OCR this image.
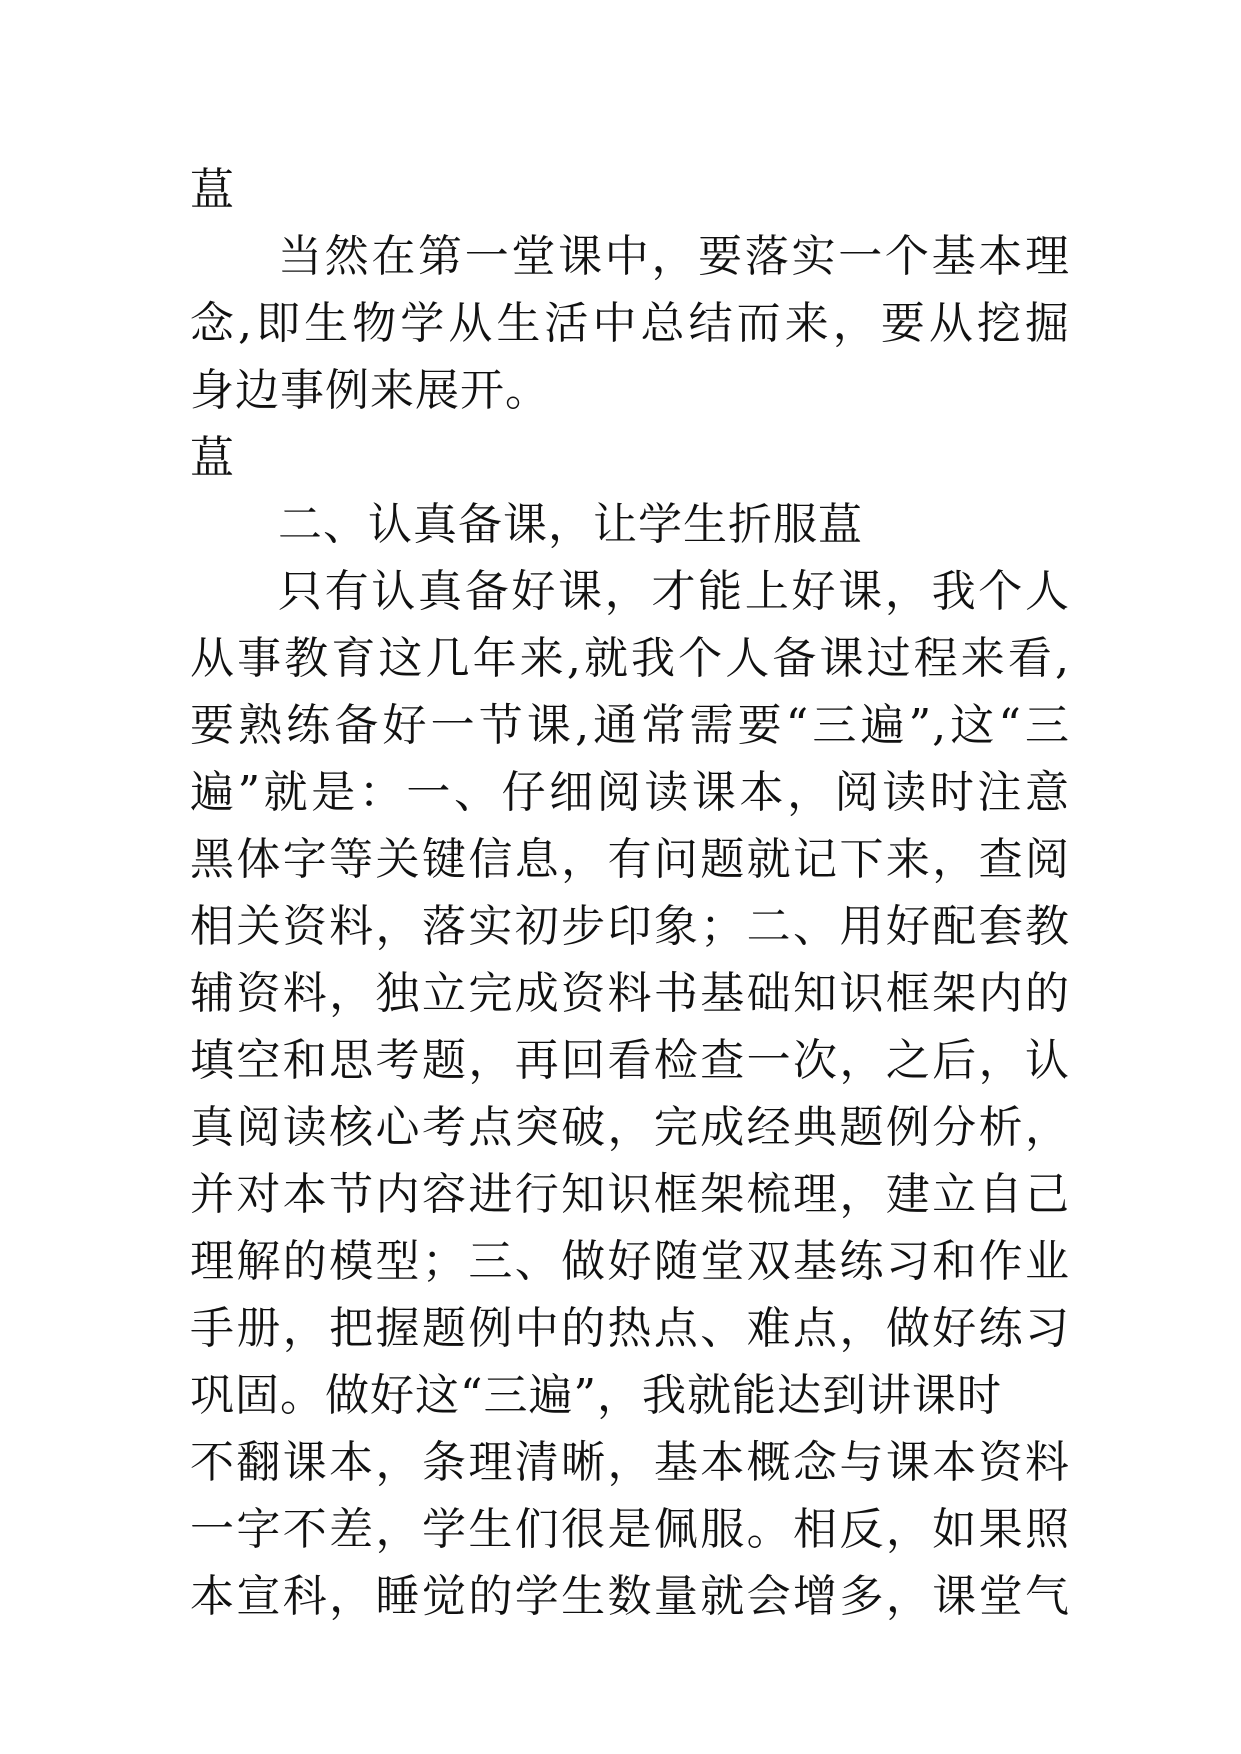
蒀
当然在第一堂课中，要落实一个基本理
念,即生物学从生活中总结而来，要从挖掘
身边事例来展开。
蒀
二、认真备课，让学生折服蒀
只有认真备好课，才能上好课，我个人
从事教育这几年来,就我个人备课过程来看,
要熟练备好一节课,通常需要“三遍”,这“三
遍”就是：一、仔细阅读课本，阅读时注意
黑体字等关键信息，有问题就记下来，查阅
相关资料，落实初步印象；二、用好配套教
辅资料，独立完成资料书基础知识框架内的
填空和思考题，再回看检查一次，之后，认
真阅读核心考点突破，完成经典题例分析，
并对本节内容进行知识框架梳理，建立自己
理解的模型；三、做好随堂双基练习和作业
手册，把握题例中的热点、难点，做好练习
巩固。做好这“三遍”，我就能达到讲课时
不翻课本，条理清晰，基本概念与课本资料
一字不差，学生们很是佩服。相反，如果照
本宣科，睡觉的学生数量就会增多，课堂气
